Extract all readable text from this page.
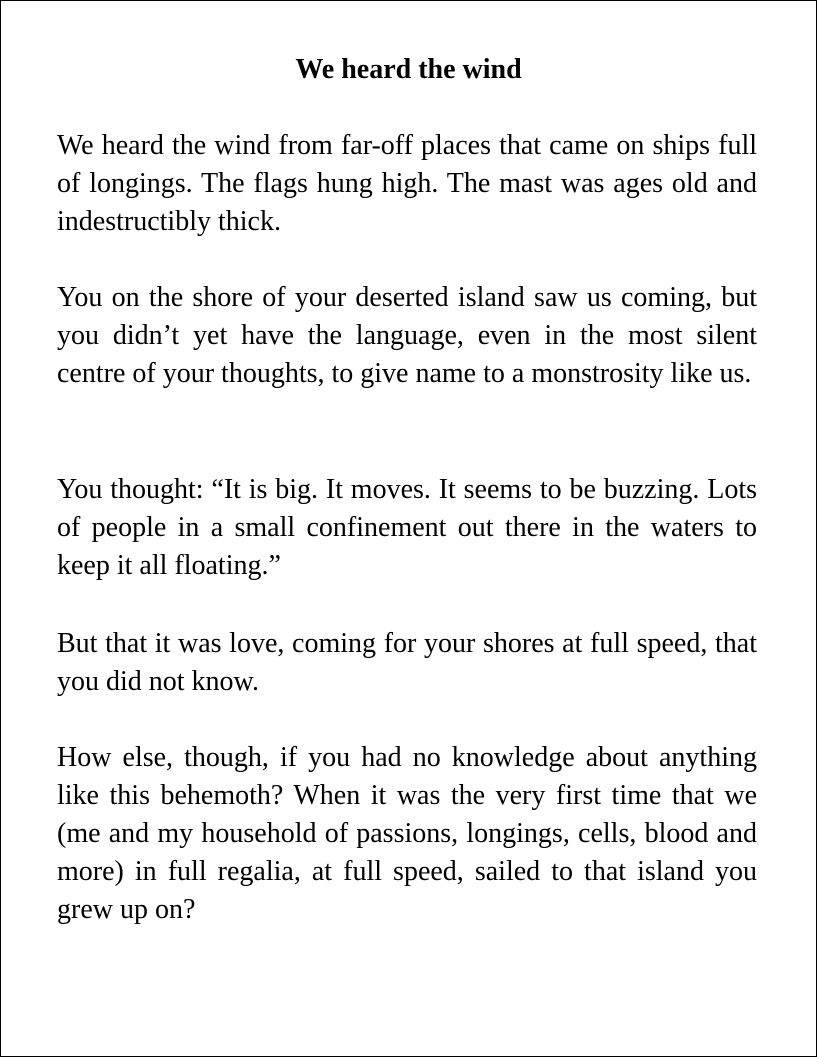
We heard the wind

We heard the wind from far-off places that came on ships full of longings. The flags hung high. The mast was ages old and indestructibly thick.

You on the shore of your deserted island saw us coming, but you didn’t yet have the language, even in the most silent centre of your thoughts, to give name to a monstrosity like us.

You thought: “It is big. It moves. It seems to be buzzing. Lots of people in a small confinement out there in the waters to keep it all floating.”

But that it was love, coming for your shores at full speed, that you did not know.

How else, though, if you had no knowledge about anything like this behemoth? When it was the very first time that we (me and my household of passions, longings, cells, blood and more) in full regalia, at full speed, sailed to that island you grew up on?
